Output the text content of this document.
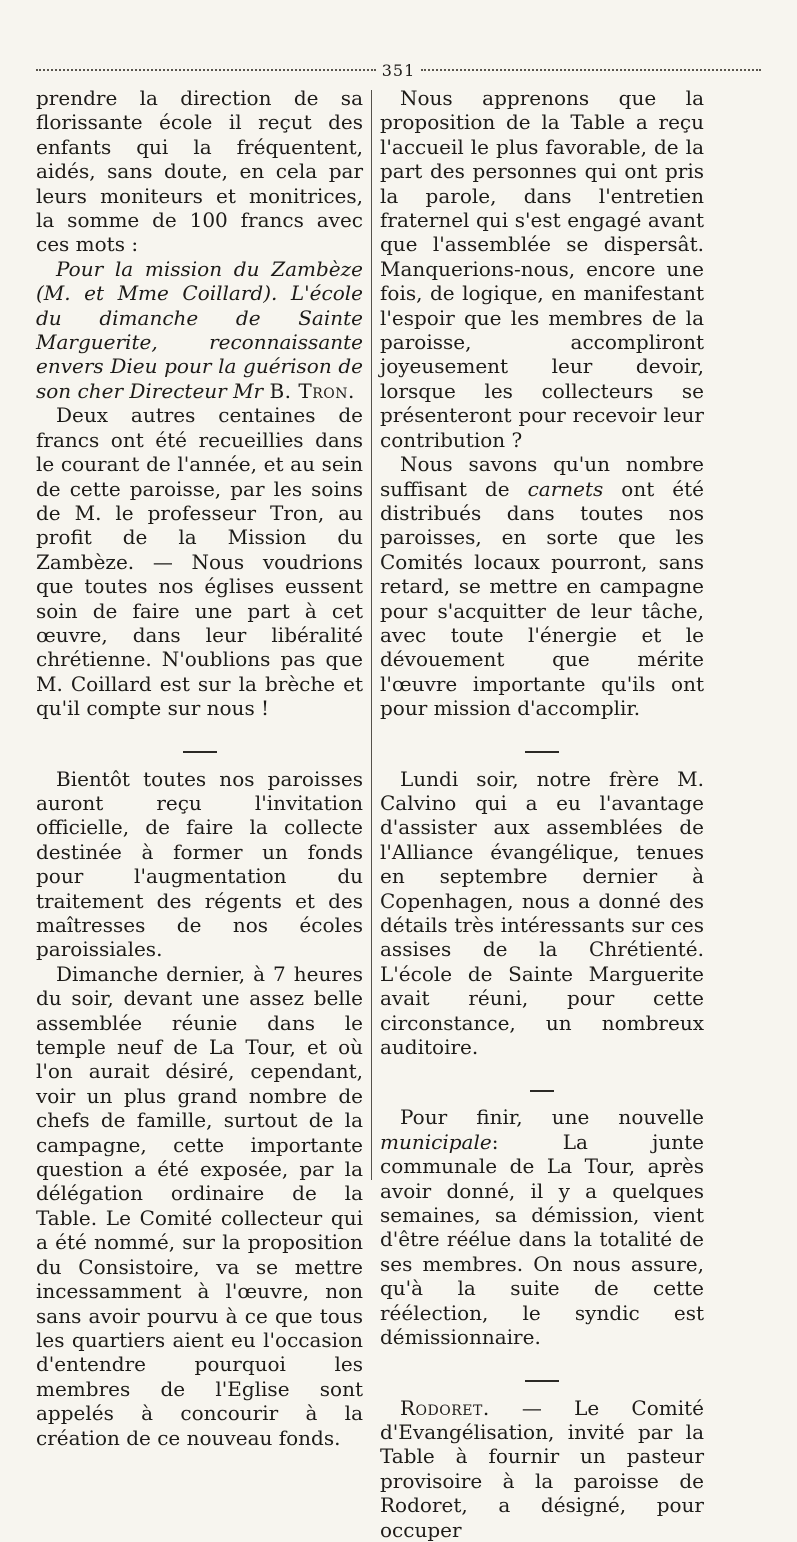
351

prendre la direction de sa florissante école il reçut des enfants qui la fréquentent, aidés, sans doute, en cela par leurs moniteurs et monitrices, la somme de 100 francs avec ces mots :

Pour la mission du Zambèze (M. et Mme Coillard). L'école du dimanche de Sainte Marguerite, reconnaissante envers Dieu pour la guérison de son cher Directeur Mr B. Tron.

Deux autres centaines de francs ont été recueillies dans le courant de l'année, et au sein de cette paroisse, par les soins de M. le professeur Tron, au profit de la Mission du Zambèze. — Nous voudrions que toutes nos églises eussent soin de faire une part à cet œuvre, dans leur libéralité chrétienne. N'oublions pas que M. Coillard est sur la brèche et qu'il compte sur nous !

Bientôt toutes nos paroisses auront reçu l'invitation officielle, de faire la collecte destinée à former un fonds pour l'augmentation du traitement des régents et des maîtresses de nos écoles paroissiales.

Dimanche dernier, à 7 heures du soir, devant une assez belle assemblée réunie dans le temple neuf de La Tour, et où l'on aurait désiré, cependant, voir un plus grand nombre de chefs de famille, surtout de la campagne, cette importante question a été exposée, par la délégation ordinaire de la Table. Le Comité collecteur qui a été nommé, sur la proposition du Consistoire, va se mettre incessamment à l'œuvre, non sans avoir pourvu à ce que tous les quartiers aient eu l'occasion d'entendre pourquoi les membres de l'Eglise sont appelés à concourir à la création de ce nouveau fonds.

Nous apprenons que la proposition de la Table a reçu l'accueil le plus favorable, de la part des personnes qui ont pris la parole, dans l'entretien fraternel qui s'est engagé avant que l'assemblée se dispersât. Manquerions-nous, encore une fois, de logique, en manifestant l'espoir que les membres de la paroisse, accompliront joyeusement leur devoir, lorsque les collecteurs se présenteront pour recevoir leur contribution ?

Nous savons qu'un nombre suffisant de carnets ont été distribués dans toutes nos paroisses, en sorte que les Comités locaux pourront, sans retard, se mettre en campagne pour s'acquitter de leur tâche, avec toute l'énergie et le dévouement que mérite l'œuvre importante qu'ils ont pour mission d'accomplir.

Lundi soir, notre frère M. Calvino qui a eu l'avantage d'assister aux assemblées de l'Alliance évangélique, tenues en septembre dernier à Copenhagen, nous a donné des détails très intéressants sur ces assises de la Chrétienté. L'école de Sainte Marguerite avait réuni, pour cette circonstance, un nombreux auditoire.

Pour finir, une nouvelle municipale: La junte communale de La Tour, après avoir donné, il y a quelques semaines, sa démission, vient d'être réélue dans la totalité de ses membres. On nous assure, qu'à la suite de cette réélection, le syndic est démissionnaire.

Rodoret. — Le Comité d'Evangélisation, invité par la Table à fournir un pasteur provisoire à la paroisse de Rodoret, a désigné, pour occuper
